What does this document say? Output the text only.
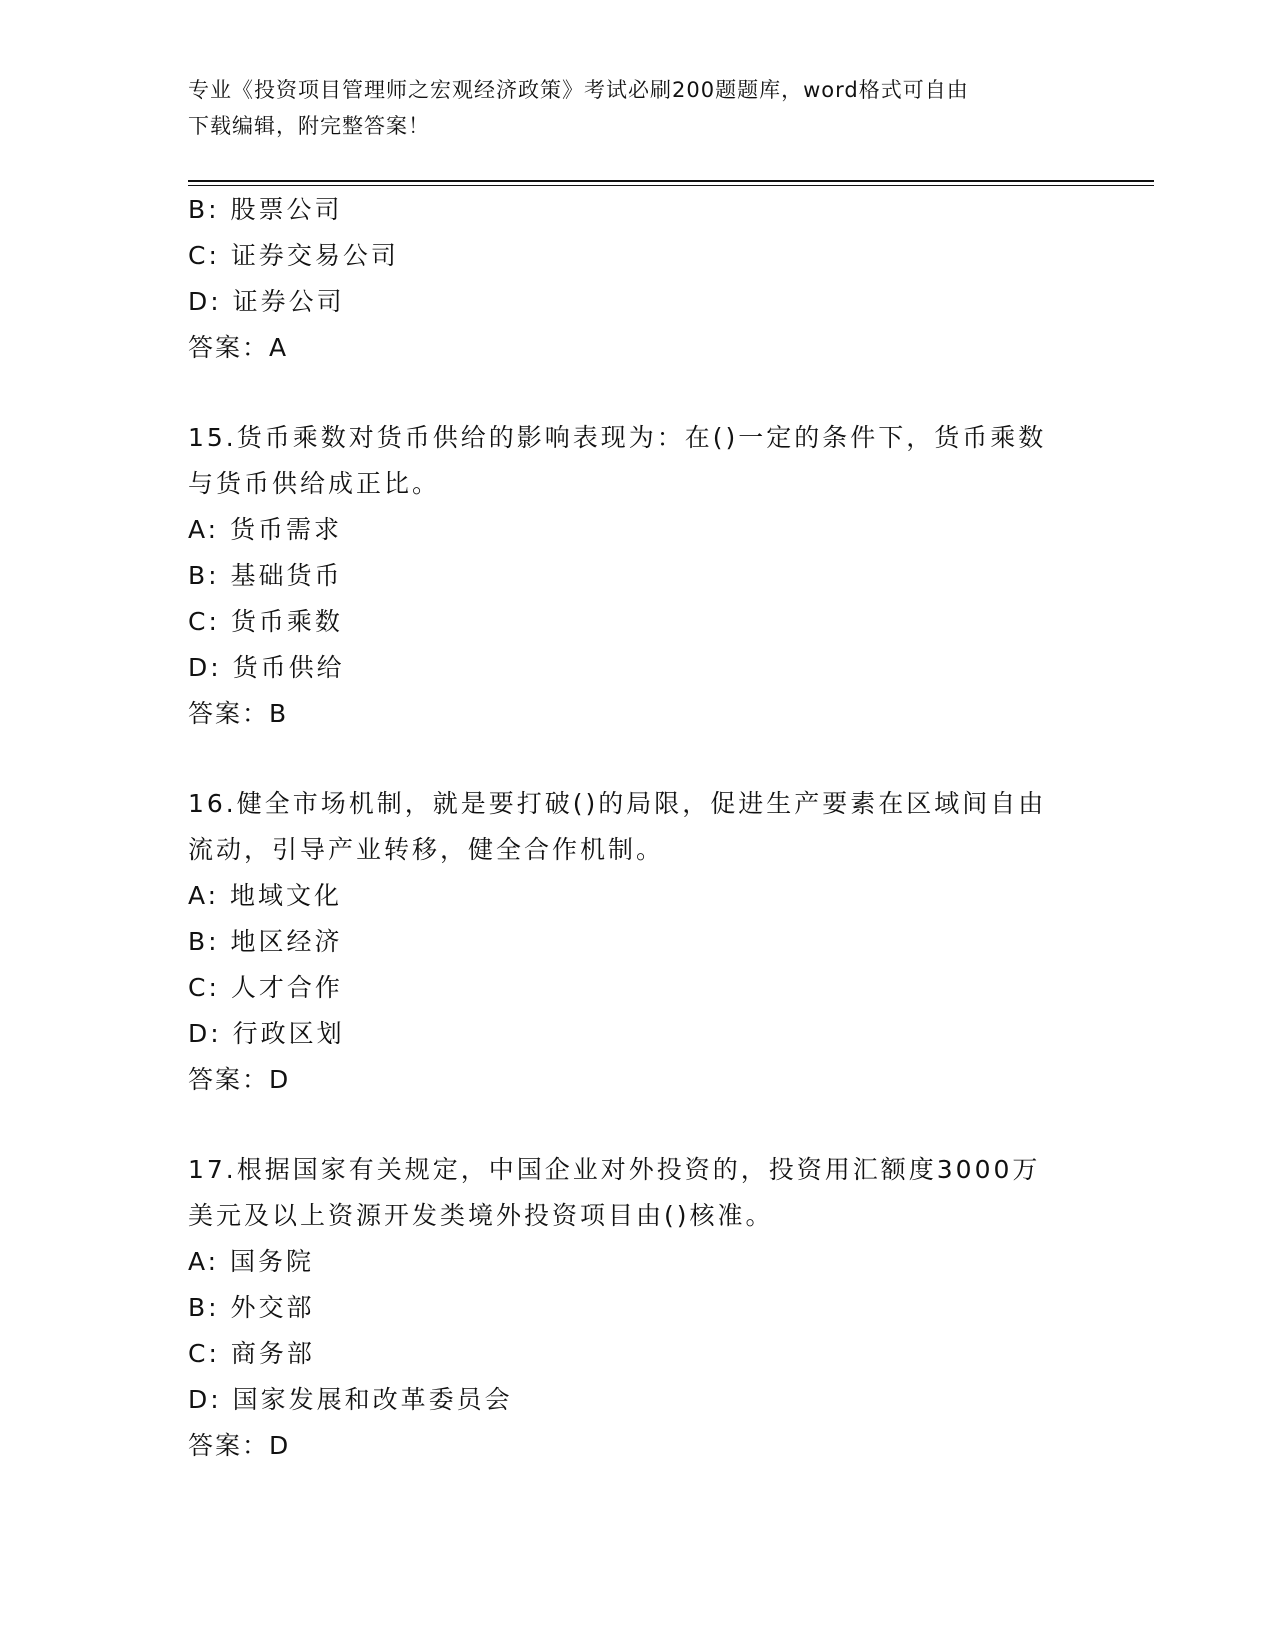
专业《投资项目管理师之宏观经济政策》考试必刷200题题库，word格式可自由
下载编辑，附完整答案！
B: 股票公司
C: 证券交易公司
D: 证券公司
答案：A
15.货币乘数对货币供给的影响表现为：在()一定的条件下，货币乘数
与货币供给成正比。
A: 货币需求
B: 基础货币
C: 货币乘数
D: 货币供给
答案：B
16.健全市场机制，就是要打破()的局限，促进生产要素在区域间自由
流动，引导产业转移，健全合作机制。
A: 地域文化
B: 地区经济
C: 人才合作
D: 行政区划
答案：D
17.根据国家有关规定，中国企业对外投资的，投资用汇额度3000万
美元及以上资源开发类境外投资项目由()核准。
A: 国务院
B: 外交部
C: 商务部
D: 国家发展和改革委员会
答案：D
